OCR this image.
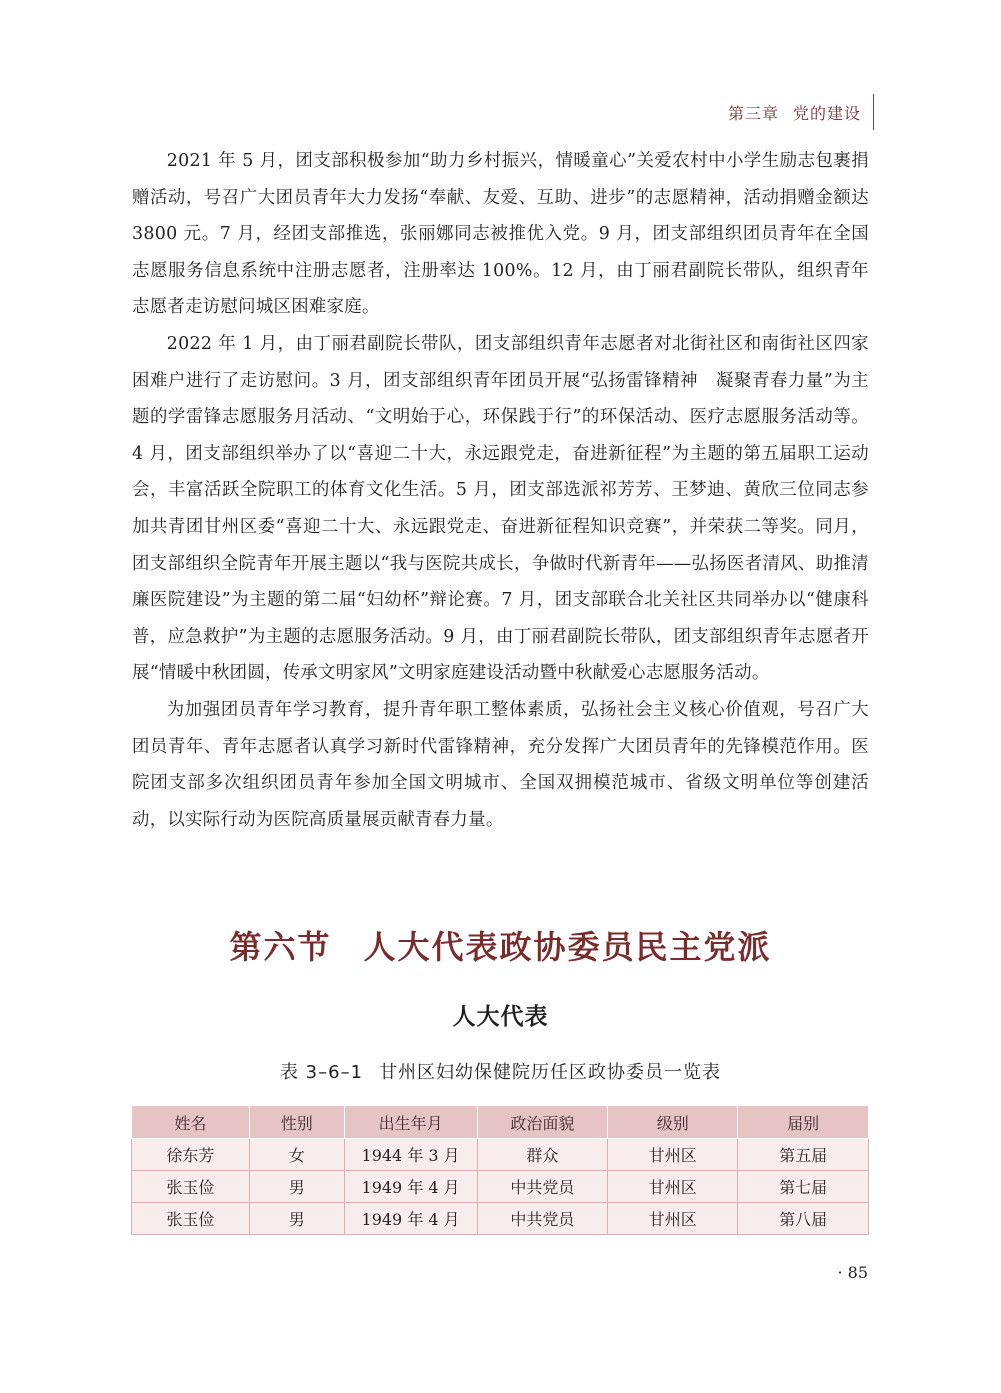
第三章 党的建设

2021 年 5 月，团支部积极参加“助力乡村振兴，情暖童心”关爱农村中小学生励志包裹捐赠活动，号召广大团员青年大力发扬“奉献、友爱、互助、进步”的志愿精神，活动捐赠金额达 3800 元。7 月，经团支部推选，张丽娜同志被推优入党。9 月，团支部组织团员青年在全国志愿服务信息系统中注册志愿者，注册率达 100%。12 月，由丁丽君副院长带队，组织青年志愿者走访慰问城区困难家庭。

2022 年 1 月，由丁丽君副院长带队，团支部组织青年志愿者对北街社区和南街社区四家困难户进行了走访慰问。3 月，团支部组织青年团员开展“弘扬雷锋精神　凝聚青春力量”为主题的学雷锋志愿服务月活动、“文明始于心，环保践于行”的环保活动、医疗志愿服务活动等。4 月，团支部组织举办了以“喜迎二十大，永远跟党走，奋进新征程”为主题的第五届职工运动会，丰富活跃全院职工的体育文化生活。5 月，团支部选派祁芳芳、王梦迪、黄欣三位同志参加共青团甘州区委“喜迎二十大、永远跟党走、奋进新征程知识竞赛”，并荣获二等奖。同月，团支部组织全院青年开展主题以“我与医院共成长，争做时代新青年——弘扬医者清风、助推清廉医院建设”为主题的第二届“妇幼杯”辩论赛。7 月，团支部联合北关社区共同举办以“健康科普，应急救护”为主题的志愿服务活动。9 月，由丁丽君副院长带队，团支部组织青年志愿者开展“情暖中秋团圆，传承文明家风”文明家庭建设活动暨中秋献爱心志愿服务活动。

为加强团员青年学习教育，提升青年职工整体素质，弘扬社会主义核心价值观，号召广大团员青年、青年志愿者认真学习新时代雷锋精神，充分发挥广大团员青年的先锋模范作用。医院团支部多次组织团员青年参加全国文明城市、全国双拥模范城市、省级文明单位等创建活动，以实际行动为医院高质量展贡献青春力量。

第六节 人大代表政协委员民主党派
人大代表
表 3–6–1 甘州区妇幼保健院历任区政协委员一览表
姓名	性别	出生年月	政治面貌	级别	届别
徐东芳	女	1944 年 3 月	群众	甘州区	第五届
张玉俭	男	1949 年 4 月	中共党员	甘州区	第七届
张玉俭	男	1949 年 4 月	中共党员	甘州区	第八届
· 85
